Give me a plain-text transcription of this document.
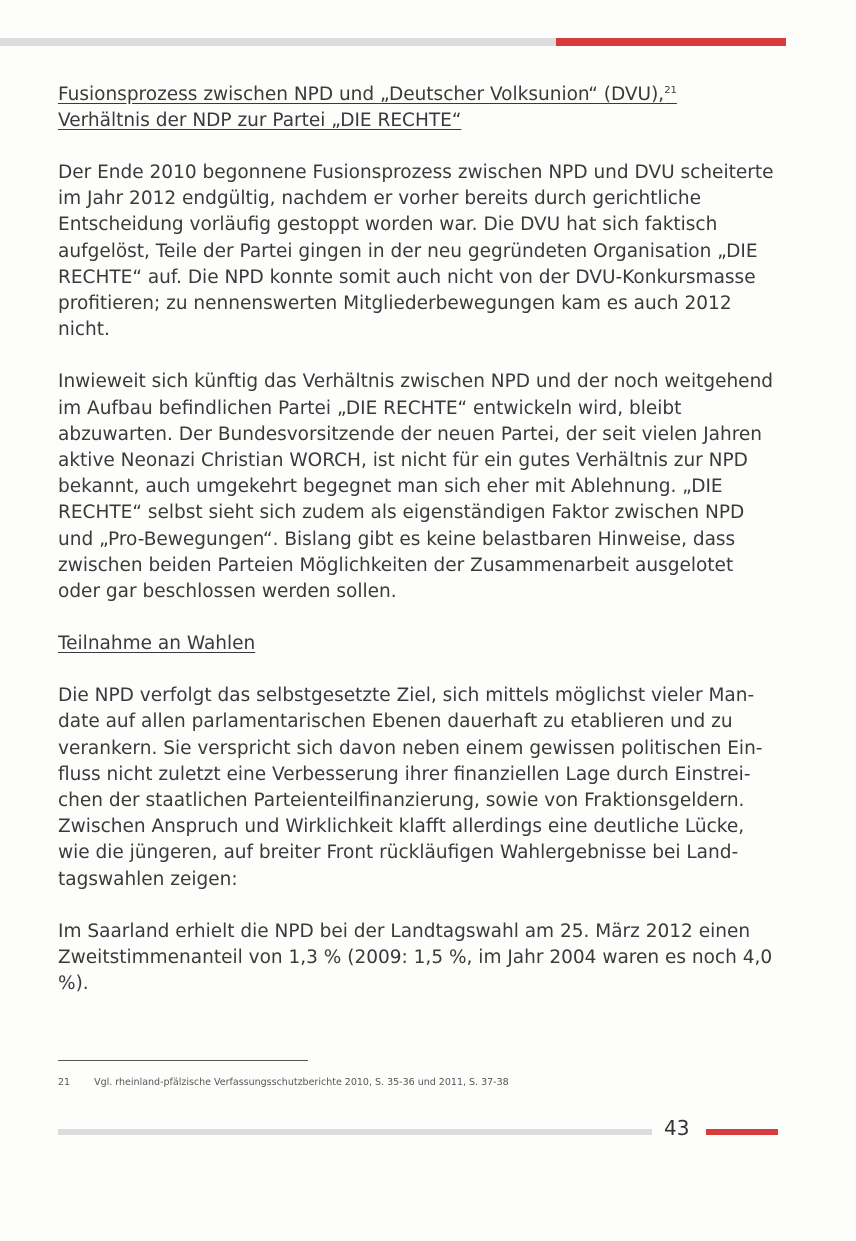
Fusionsprozess zwischen NPD und „Deutscher Volksunion“ (DVU),$^{21}$
Verhältnis der NDP zur Partei „DIE RECHTE“

Der Ende 2010 begonnene Fusionsprozess zwischen NPD und DVU scheiterte im Jahr 2012 endgültig, nachdem er vorher bereits durch gerichtliche Entscheidung vorläufig gestoppt worden war. Die DVU hat sich faktisch aufgelöst, Teile der Partei gingen in der neu gegründeten Organisation „DIE RECHTE“ auf. Die NPD konnte somit auch nicht von der DVU-Konkursmasse profitieren; zu nennenswerten Mitgliederbewegungen kam es auch 2012 nicht.

Inwieweit sich künftig das Verhältnis zwischen NPD und der noch weitgehend im Aufbau befindlichen Partei „DIE RECHTE“ entwickeln wird, bleibt abzuwarten. Der Bundesvorsitzende der neuen Partei, der seit vielen Jahren aktive Neonazi Christian WORCH, ist nicht für ein gutes Verhältnis zur NPD bekannt, auch umgekehrt begegnet man sich eher mit Ablehnung. „DIE RECHTE“ selbst sieht sich zudem als eigenständigen Faktor zwischen NPD und „Pro-Bewegungen“. Bislang gibt es keine belastbaren Hinweise, dass zwischen beiden Parteien Möglichkeiten der Zusammenarbeit ausgelotet oder gar beschlossen werden sollen.

Teilnahme an Wahlen

Die NPD verfolgt das selbstgesetzte Ziel, sich mittels möglichst vieler Mandate auf allen parlamentarischen Ebenen dauerhaft zu etablieren und zu verankern. Sie verspricht sich davon neben einem gewissen politischen Einfluss nicht zuletzt eine Verbesserung ihrer finanziellen Lage durch Einstreichen der staatlichen Parteienteilfinanzierung, sowie von Fraktionsgeldern. Zwischen Anspruch und Wirklichkeit klafft allerdings eine deutliche Lücke, wie die jüngeren, auf breiter Front rückläufigen Wahlergebnisse bei Landtagswahlen zeigen:

Im Saarland erhielt die NPD bei der Landtagswahl am 25. März 2012 einen Zweitstimmenanteil von 1,3 % (2009: 1,5 %, im Jahr 2004 waren es noch 4,0 %).

21	Vgl. rheinland-pfälzische Verfassungsschutzberichte 2010, S. 35-36 und 2011, S. 37-38
43
